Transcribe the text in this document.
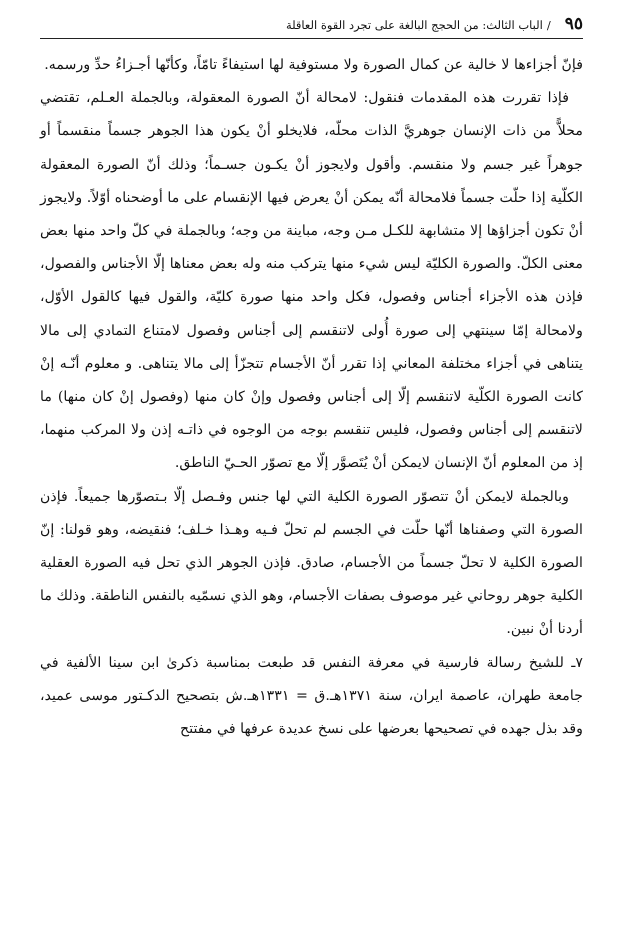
٩٥
/
الباب الثالث: من الحجج البالغة على تجرد القوة العاقلة

فإنّ أجزاءها لا خالية عن كمال الصورة ولا مستوفية لها استيفاءً تامّاً، وكأنّها أجـزاءُ حدِّ ورسمه.

فإذا تقررت هذه المقدمات فنقول: لامحالة أنّ الصورة المعقولة، وبالجملة العـلم، تقتضي محلاًّ من ذات الإنسان جوهريَّ الذات محلّه، فلايخلو أنْ يكون هذا الجوهر جسماً منقسماً أو جوهراً غير جسم ولا منقسم. وأقول ولايجوز أنْ يكـون جسـماً؛ وذلك أنّ الصورة المعقولة الكلّية إذا حلّت جسماً فلامحالة أنّه يمكن أنْ يعرض فيها الإنقسام على ما أوضحناه أوّلاً. ولايجوز أنْ تكون أجزاؤها إلا متشابهة للكـل مـن وجه، مباينة من وجه؛ وبالجملة في كلّ واحد منها بعض معنى الكلّ. والصورة الكليّة ليس شيء منها يتركب منه وله بعض معناها إلّا الأجناس والفصول، فإذن هذه الأجزاء أجناس وفصول، فكل واحد منها صورة كليّة، والقول فيها كالقول الأوّل، ولامحالة إمّا سينتهي إلى صورة أُولى لاتنقسم إلى أجناس وفصول لامتناع التمادي إلى مالا يتناهى في أجزاء مختلفة المعاني إذا تقرر أنّ الأجسام تتجزّأ إلى مالا يتناهى. و معلوم أنّـه إنْ كانت الصورة الكلّية لاتنقسم إلّا إلى أجناس وفصول وإنْ كان منها (وفصول إنْ كان منها) ما لاتنقسم إلى أجناس وفصول، فليس تنقسم بوجه من الوجوه في ذاتـه إذن ولا المركب منهما، إذ من المعلوم أنّ الإنسان لايمكن أنْ يُتَصوَّر إلّا مع تصوّر الحـيّ الناطق.

وبالجملة لايمكن أنْ تتصوّر الصورة الكلية التي لها جنس وفـصل إلّا بـتصوّرها جميعاً. فإذن الصورة التي وصفناها أنّها حلّت في الجسم لم تحلّ فـيه وهـذا خـلف؛ فنقيضه، وهو قولنا: إنّ الصورة الكلية لا تحلّ جسماً من الأجسام، صادق. فإذن الجوهر الذي تحل فيه الصورة العقلية الكلية جوهر روحاني غير موصوف بصفات الأجسام، وهو الذي نسمّيه بالنفس الناطقة. وذلك ما أردنا أنْ نبين.

٧ـ للشيخ رسالة فارسية في معرفة النفس قد طبعت بمناسبة ذكرىٰ ابن سينا الألفية في جامعة طهران، عاصمة ايران، سنة ١٣٧١هـ.ق = ١٣٣١هـ.ش بتصحيح الدكـتور موسى عميد، وقد بذل جهده في تصحيحها بعرضها على نسخ عديدة عرفها في مفتتح
